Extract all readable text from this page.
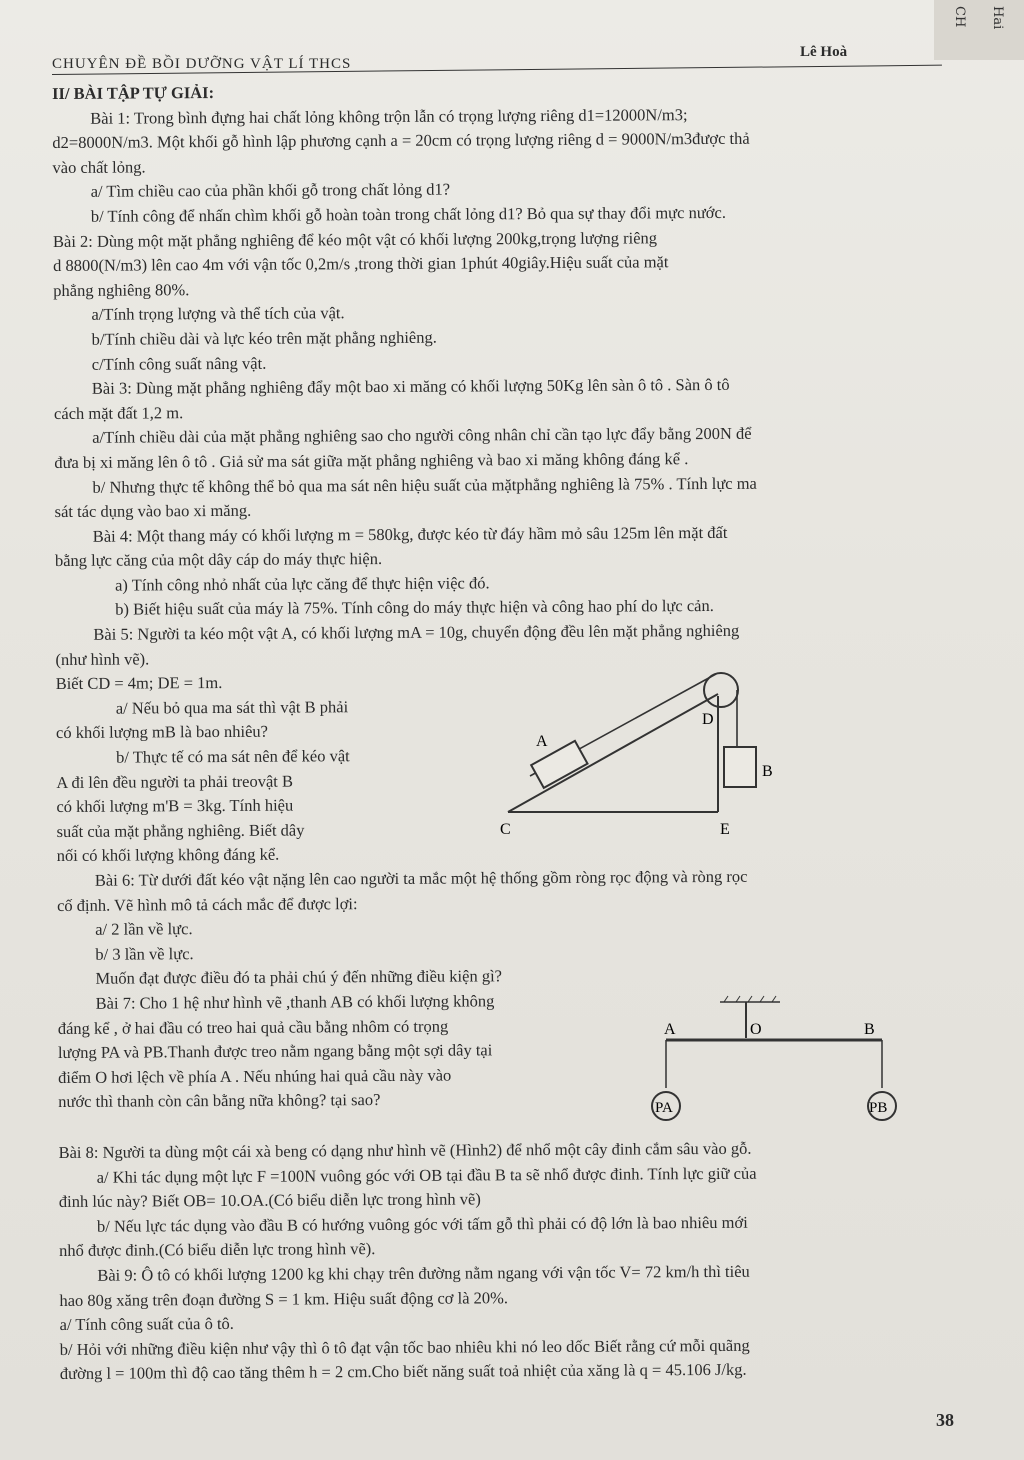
CH Hai
CHUYÊN ĐỀ BỒI DƯỠNG VẬT LÍ THCS
Lê Hoà
II/ BÀI TẬP TỰ GIẢI:
Bài 1: Trong bình đựng hai chất lỏng không trộn lẫn có trọng lượng riêng d1=12000N/m3;
d2=8000N/m3. Một khối gỗ hình lập phương cạnh a = 20cm có trọng lượng riêng d = 9000N/m3được thả
vào chất lỏng.
a/ Tìm chiều cao của phần khối gỗ trong chất lỏng d1?
b/ Tính công để nhấn chìm khối gỗ hoàn toàn trong chất lỏng d1? Bỏ qua sự thay đổi mực nước.
Bài 2: Dùng một mặt phẳng nghiêng để kéo một vật có khối lượng 200kg,trọng lượng riêng
d 8800(N/m3) lên cao 4m với vận tốc 0,2m/s ,trong thời gian 1phút 40giây.Hiệu suất của mặt
phẳng nghiêng 80%.
a/Tính trọng lượng và thể tích của vật.
b/Tính chiều dài và lực kéo trên mặt phẳng nghiêng.
c/Tính công suất nâng vật.
Bài 3: Dùng mặt phẳng nghiêng đẩy một bao xi măng có khối lượng 50Kg lên sàn ô tô . Sàn ô tô
cách mặt đất 1,2 m.
a/Tính chiều dài của mặt phẳng nghiêng sao cho người công nhân chỉ cần tạo lực đẩy bằng 200N để
đưa bị xi măng lên ô tô . Giả sử ma sát giữa mặt phẳng nghiêng và bao xi măng không đáng kể .
b/ Nhưng thực tế không thể bỏ qua ma sát nên hiệu suất của mặtphẳng nghiêng là 75% . Tính lực ma
sát tác dụng vào bao xi măng.
Bài 4: Một thang máy có khối lượng m = 580kg, được kéo từ đáy hầm mỏ sâu 125m lên mặt đất
bằng lực căng của một dây cáp do máy thực hiện.
a) Tính công nhỏ nhất của lực căng để thực hiện việc đó.
b) Biết hiệu suất của máy là 75%. Tính công do máy thực hiện và công hao phí do lực cản.
Bài 5: Người ta kéo một vật A, có khối lượng mA = 10g, chuyển động đều lên mặt phẳng nghiêng
(như hình vẽ).
Biết CD = 4m; DE = 1m.
a/ Nếu bỏ qua ma sát thì vật B phải
có khối lượng mB là bao nhiêu?
b/ Thực tế có ma sát nên để kéo vật
A đi lên đều người ta phải treovật B
có khối lượng m'B = 3kg. Tính hiệu
suất của mặt phẳng nghiêng. Biết dây
nối có khối lượng không đáng kể.
Bài 6: Từ dưới đất kéo vật nặng lên cao người ta mắc một hệ thống gồm ròng rọc động và ròng rọc
cố định. Vẽ hình mô tả cách mắc để được lợi:
a/ 2 lần về lực.
b/ 3 lần về lực.
Muốn đạt được điều đó ta phải chú ý đến những điều kiện gì?
Bài 7: Cho 1 hệ như hình vẽ ,thanh AB có khối lượng không
đáng kể , ở hai đầu có treo hai quả cầu bằng nhôm có trọng
lượng PA và PB.Thanh được treo nằm ngang bằng một sợi dây tại
điểm O hơi lệch về phía A . Nếu nhúng hai quả cầu này vào
nước thì thanh còn cân bằng nữa không? tại sao?
Bài 8: Người ta dùng một cái xà beng có dạng như hình vẽ (Hình2) để nhổ một cây đinh cắm sâu vào gỗ.
a/ Khi tác dụng một lực F =100N vuông góc với OB tại đầu B ta sẽ nhổ được đinh. Tính lực giữ của
đinh lúc này? Biết OB= 10.OA.(Có biểu diễn lực trong hình vẽ)
b/ Nếu lực tác dụng vào đầu B có hướng vuông góc với tấm gỗ thì phải có độ lớn là bao nhiêu mới
nhổ được đinh.(Có biểu diễn lực trong hình vẽ).
Bài 9: Ô tô có khối lượng 1200 kg khi chạy trên đường nằm ngang với vận tốc V= 72 km/h thì tiêu
hao 80g xăng trên đoạn đường S = 1 km. Hiệu suất động cơ là 20%.
a/ Tính công suất của ô tô.
b/ Hỏi với những điều kiện như vậy thì ô tô đạt vận tốc bao nhiêu khi nó leo dốc Biết rằng cứ mỗi quãng
đường l = 100m thì độ cao tăng thêm h = 2 cm.Cho biết năng suất toả nhiệt của xăng là q = 45.106 J/kg.
A
D
B
C	E
A	O	B
PA	PB
38
